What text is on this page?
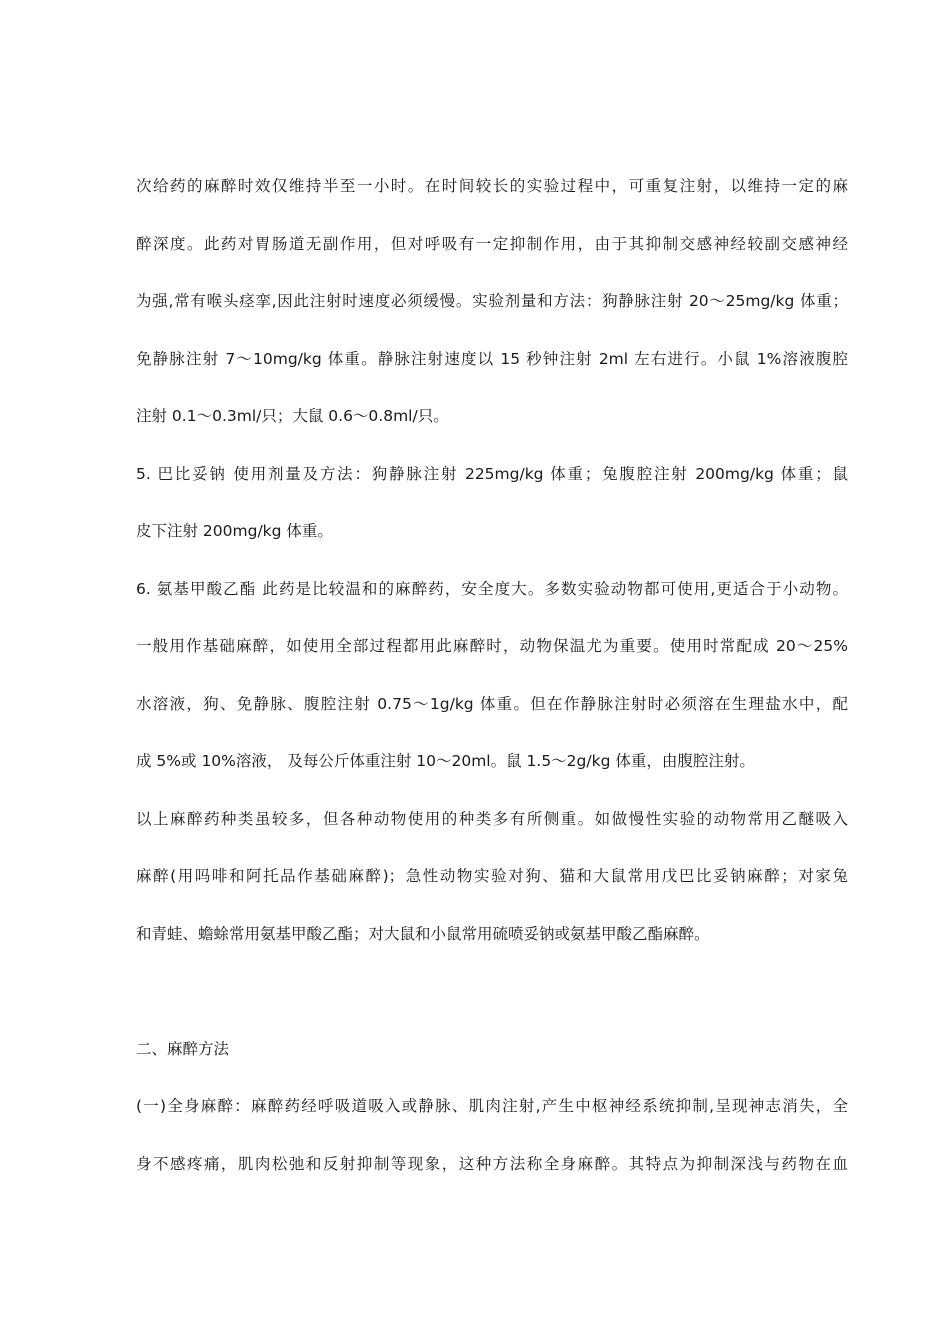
次给药的麻醉时效仅维持半至一小时。在时间较长的实验过程中，可重复注射，以维持一定的麻
醉深度。此药对胃肠道无副作用，但对呼吸有一定抑制作用，由于其抑制交感神经较副交感神经
为强,常有喉头痉挛,因此注射时速度必须缓慢。实验剂量和方法：狗静脉注射 20～25mg/kg 体重；
免静脉注射 7～10mg/kg 体重。静脉注射速度以 15 秒钟注射 2ml 左右进行。小鼠 1%溶液腹腔
注射 0.1～0.3ml/只；大鼠 0.6～0.8ml/只。
5. 巴比妥钠 使用剂量及方法：狗静脉注射 225mg/kg 体重；兔腹腔注射 200mg/kg 体重；鼠
皮下注射 200mg/kg 体重。
6. 氨基甲酸乙酯 此药是比较温和的麻醉药，安全度大。多数实验动物都可使用,更适合于小动物。
一般用作基础麻醉，如使用全部过程都用此麻醉时，动物保温尤为重要。使用时常配成 20～25%
水溶液，狗、免静脉、腹腔注射 0.75～1g/kg 体重。但在作静脉注射时必须溶在生理盐水中，配
成 5%或 10%溶液， 及每公斤体重注射 10～20ml。鼠 1.5～2g/kg 体重，由腹腔注射。
以上麻醉药种类虽较多，但各种动物使用的种类多有所侧重。如做慢性实验的动物常用乙醚吸入
麻醉(用吗啡和阿托品作基础麻醉)；急性动物实验对狗、猫和大鼠常用戊巴比妥钠麻醉；对家兔
和青蛙、蟾蜍常用氨基甲酸乙酯；对大鼠和小鼠常用硫喷妥钠或氨基甲酸乙酯麻醉。
二、麻醉方法
(一)全身麻醉：麻醉药经呼吸道吸入或静脉、肌肉注射,产生中枢神经系统抑制,呈现神志消失，全
身不感疼痛，肌肉松弛和反射抑制等现象，这种方法称全身麻醉。其特点为抑制深浅与药物在血
